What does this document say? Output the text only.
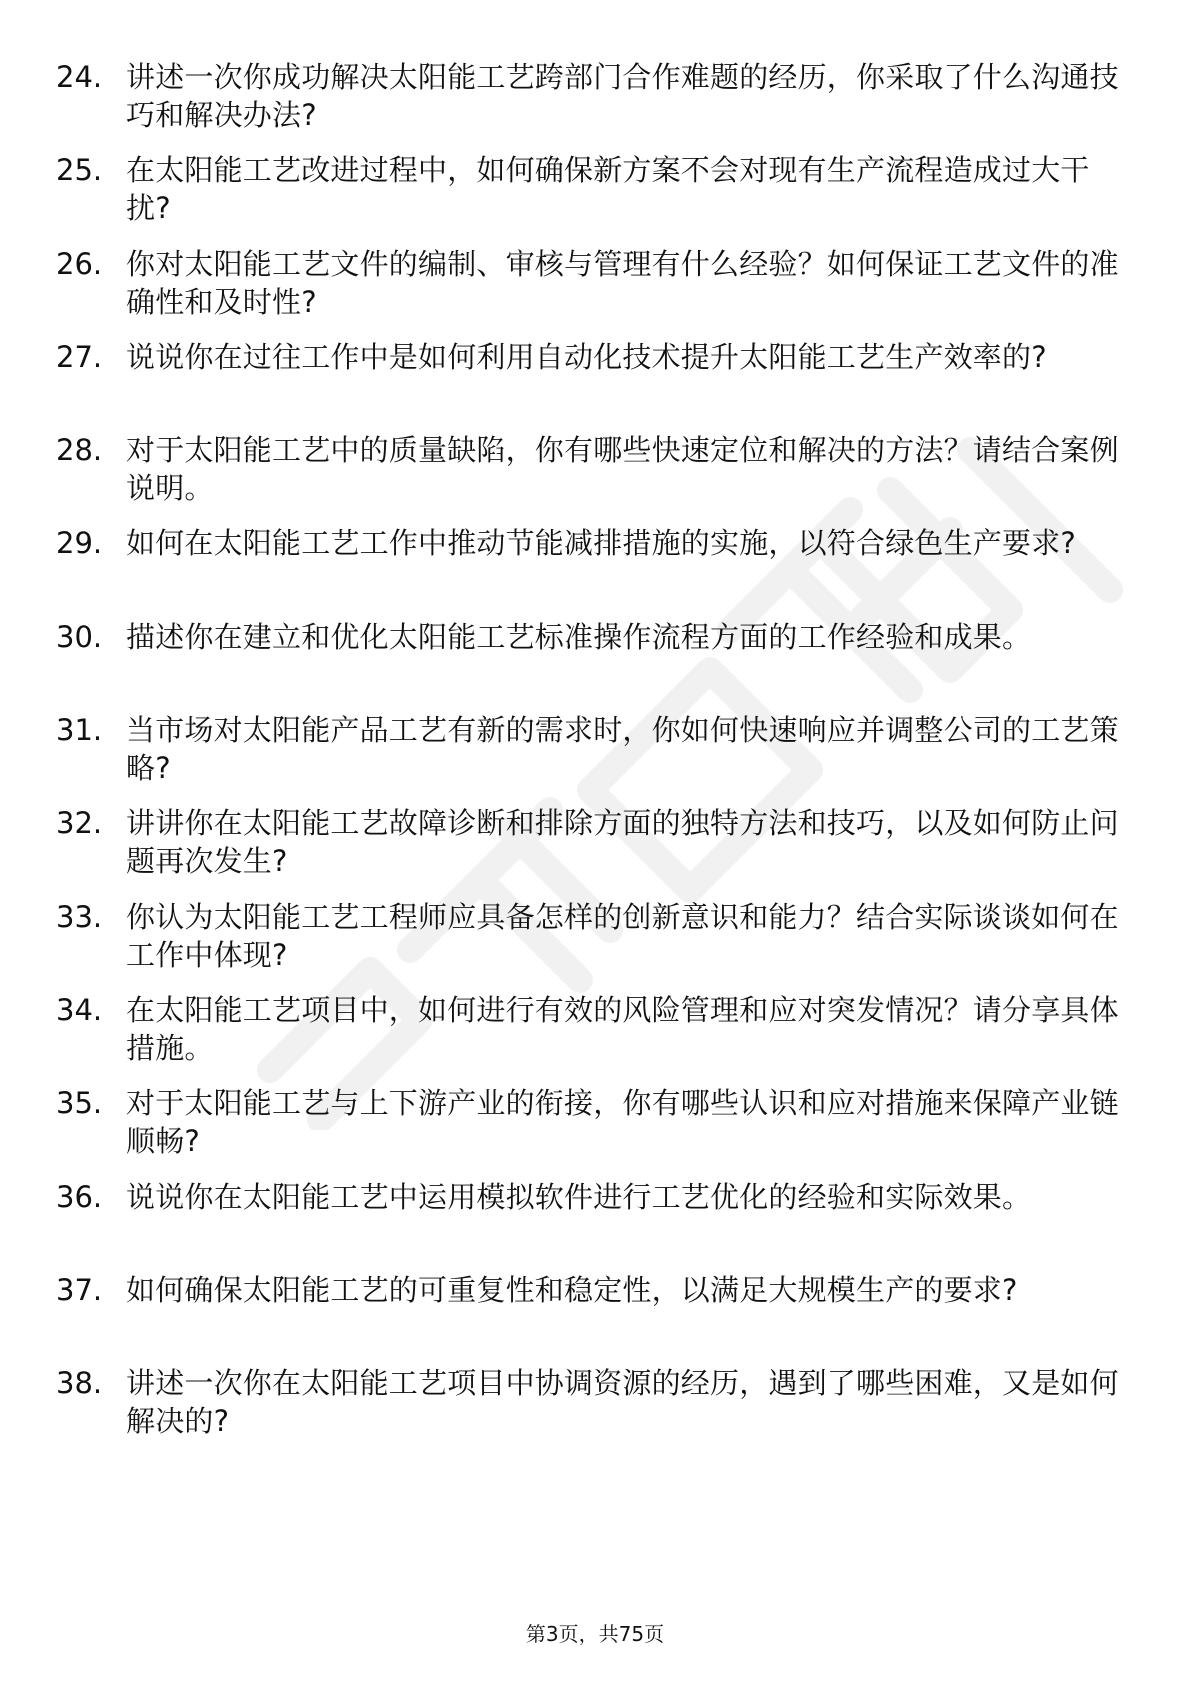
24. 讲述一次你成功解决太阳能工艺跨部门合作难题的经历，你采取了什么沟通技巧和解决办法?
25. 在太阳能工艺改进过程中，如何确保新方案不会对现有生产流程造成过大干扰?
26. 你对太阳能工艺文件的编制、审核与管理有什么经验？如何保证工艺文件的准确性和及时性?
27. 说说你在过往工作中是如何利用自动化技术提升太阳能工艺生产效率的?
28. 对于太阳能工艺中的质量缺陷，你有哪些快速定位和解决的方法？请结合案例说明。
29. 如何在太阳能工艺工作中推动节能减排措施的实施，以符合绿色生产要求?
30. 描述你在建立和优化太阳能工艺标准操作流程方面的工作经验和成果。
31. 当市场对太阳能产品工艺有新的需求时，你如何快速响应并调整公司的工艺策略?
32. 讲讲你在太阳能工艺故障诊断和排除方面的独特方法和技巧，以及如何防止问题再次发生?
33. 你认为太阳能工艺工程师应具备怎样的创新意识和能力？结合实际谈谈如何在工作中体现?
34. 在太阳能工艺项目中，如何进行有效的风险管理和应对突发情况？请分享具体措施。
35. 对于太阳能工艺与上下游产业的衔接，你有哪些认识和应对措施来保障产业链顺畅?
36. 说说你在太阳能工艺中运用模拟软件进行工艺优化的经验和实际效果。
37. 如何确保太阳能工艺的可重复性和稳定性，以满足大规模生产的要求?
38. 讲述一次你在太阳能工艺项目中协调资源的经历，遇到了哪些困难，又是如何解决的?
第3页，共75页
